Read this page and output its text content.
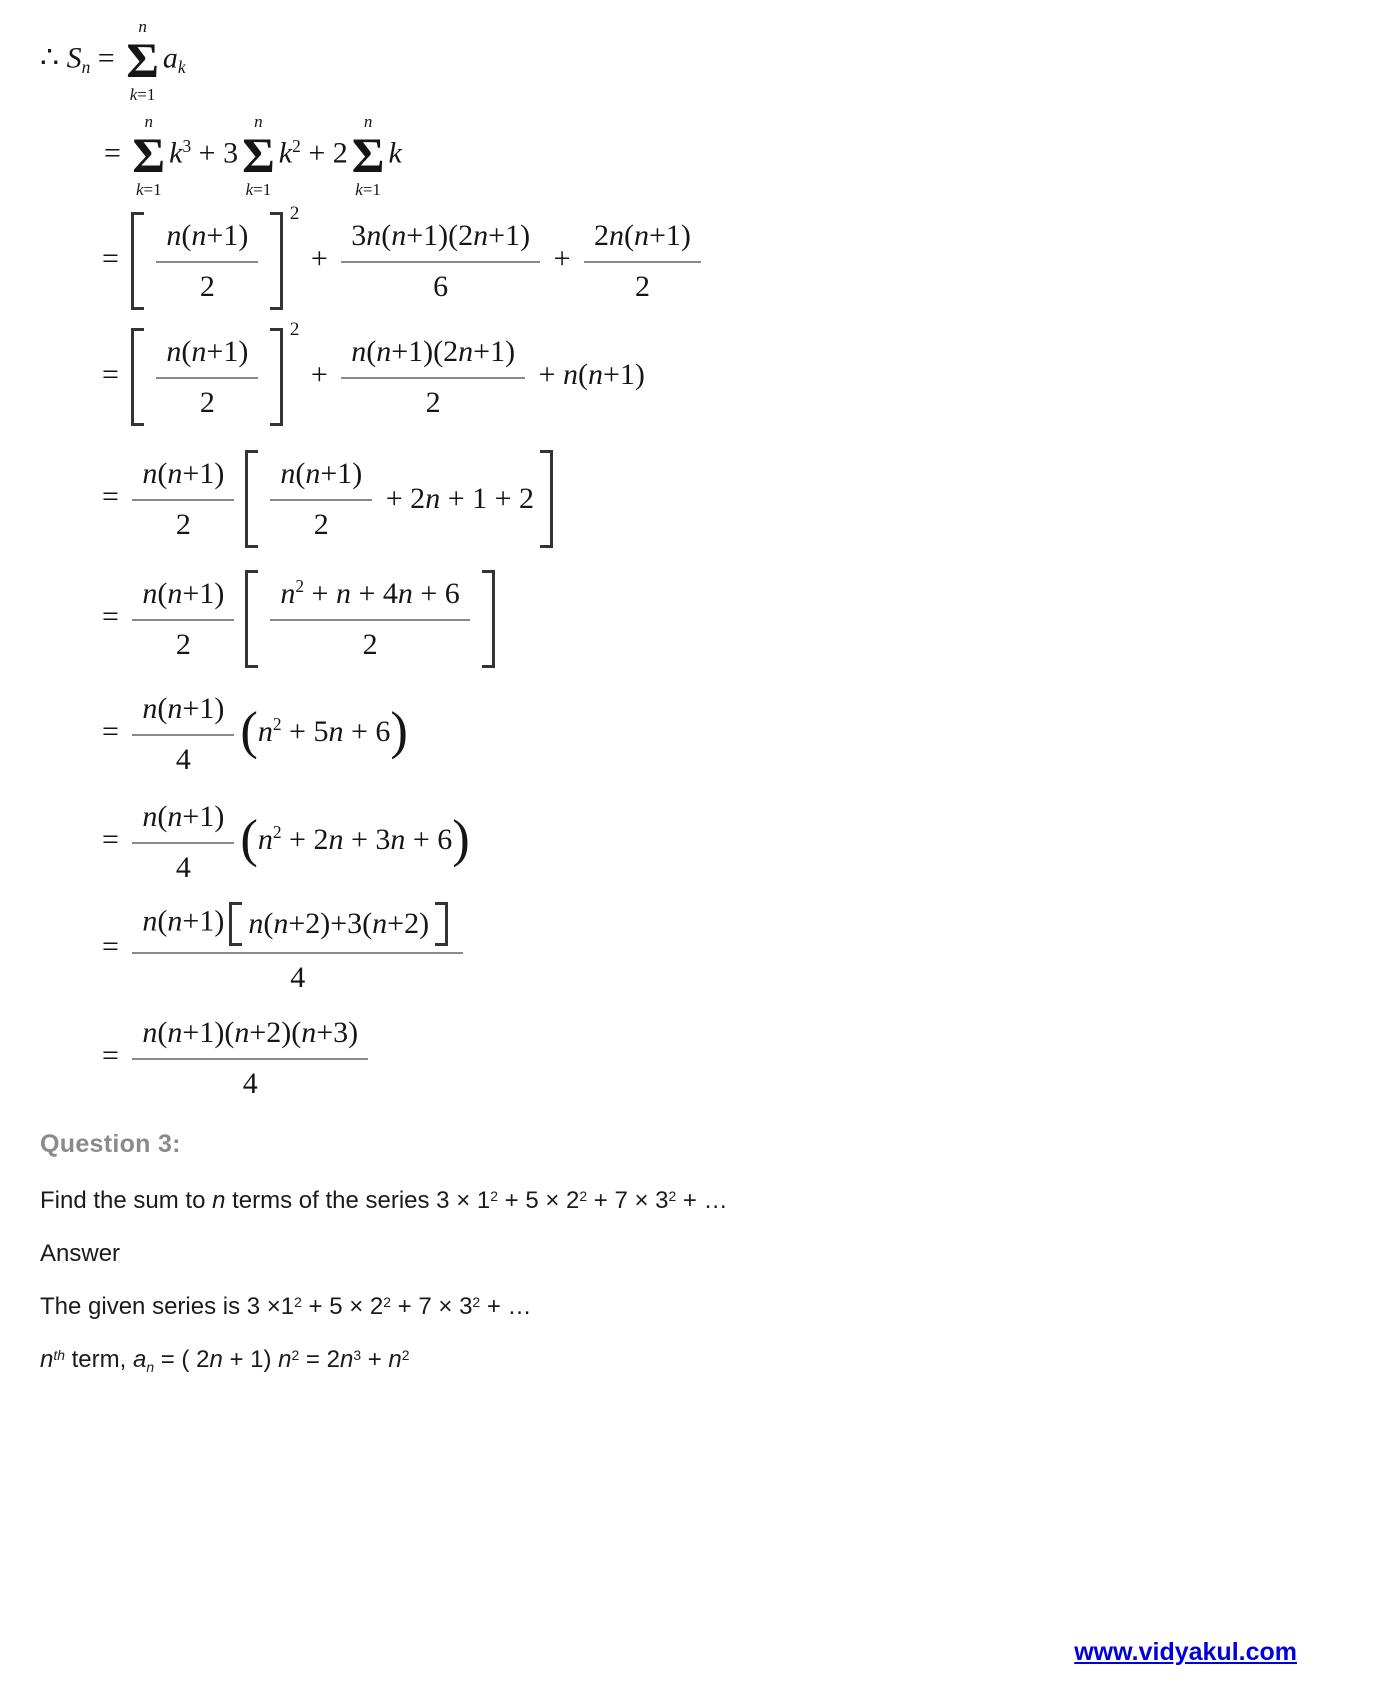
∴ Sn =
n
Σ
k=1
ak
=
n
Σ
k=1
$k^3 + 3$
n
Σ
k=1
$k^2 + 2$
n
Σ
k=1
k
= $\frac{n(n+1)}{2}$
2
+ $\frac{3n(n+1)(2n+1)}{6} + \frac{2n(n+1)}{2}$
= $\frac{n(n+1)}{2}$
2
+ $\frac{n(n+1)(2n+1)}{2} + n(n+1)$
= $\frac{n(n+1)}{2} \frac{n(n+1)}{2} + 2n + 1 + 2$
= $\frac{n(n+1)}{2} \frac{n^2 + n + 4n + 6}{2}$
= $\frac{n(n+1)}{4} (n^2 + 5n + 6)$
= $\frac{n(n+1)}{4} (n^2 + 2n + 3n + 6)$
= $\frac{n(n+1) n(n+2)+3(n+2)}{4}$
= $\frac{n(n+1)(n+2)(n+3)}{4}$
Question 3:
Find the sum to n terms of the series $3 \times 1^2 + 5 \times 2^2 + 7 \times 3^2$ + …
Answer
The given series is $3 \times 1^2 + 5 \times 2^2 + 7 \times 3^2$ + …
$n^{th}$ term, an = ( 2n + 1) $n^2 = 2n^3 + n^2$
www.vidyakul.com
